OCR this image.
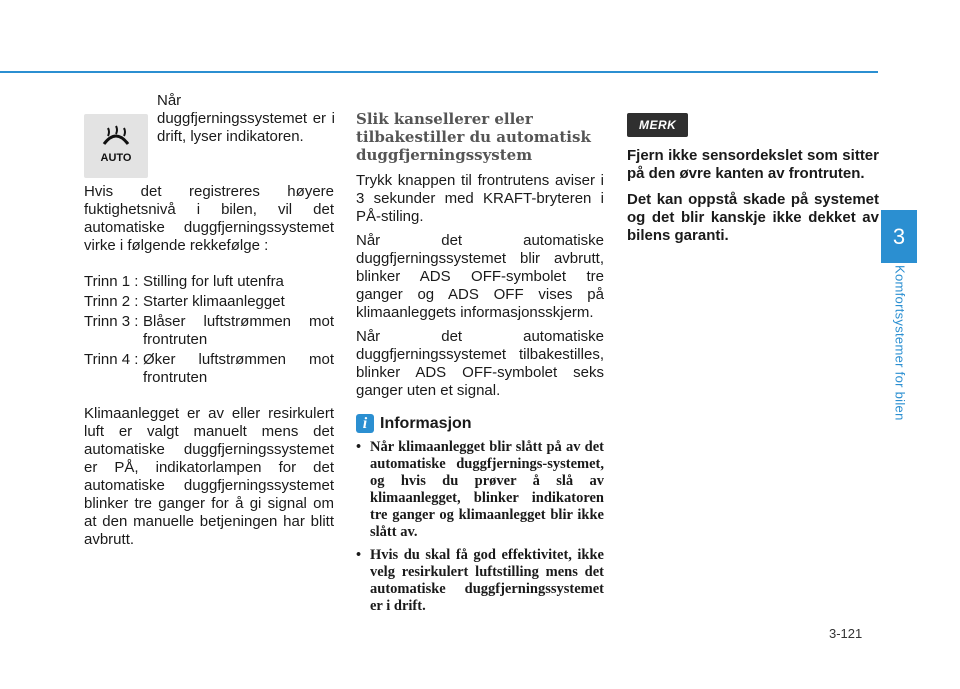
3
Komfortsystemer for bilen
AUTO
Når duggfjerningssystemet er i drift, lyser indikatoren.

Hvis det registreres høyere fuktighetsnivå i bilen, vil det automatiske duggfjerningssystemet virke i følgende rekkefølge :

Trinn 1 : Stilling for luft utenfra
Trinn 2 : Starter klimaanlegget
Trinn 3 : Blåser luftstrømmen mot frontruten
Trinn 4 : Øker luftstrømmen mot frontruten

Klimaanlegget er av eller resirkulert luft er valgt manuelt mens det automatiske duggfjerningssystemet er PÅ, indikatorlampen for det automatiske duggfjerningssystemet blinker tre ganger for å gi signal om at den manuelle betjeningen har blitt avbrutt.

Slik kansellerer eller tilbakestiller du automatisk duggfjerningssystem

Trykk knappen til frontrutens aviser i 3 sekunder med KRAFT-bryteren i PÅ-stiling.

Når det automatiske duggfjerningssystemet blir avbrutt, blinker ADS OFF-symbolet tre ganger og ADS OFF vises på klimaanleggets informasjonsskjerm.

Når det automatiske duggfjerningssystemet tilbakestilles, blinker ADS OFF-symbolet seks ganger uten et signal.

i Informasjon
• Når klimaanlegget blir slått på av det automatiske duggfjernings-systemet, og hvis du prøver å slå av klimaanlegget, blinker indikatoren tre ganger og klimaanlegget blir ikke slått av.
• Hvis du skal få god effektivitet, ikke velg resirkulert luftstilling mens det automatiske duggfjerningssystemet er i drift.
MERK

Fjern ikke sensordekslet som sitter på den øvre kanten av frontruten.

Det kan oppstå skade på systemet og det blir kanskje ikke dekket av bilens garanti.

3-121
